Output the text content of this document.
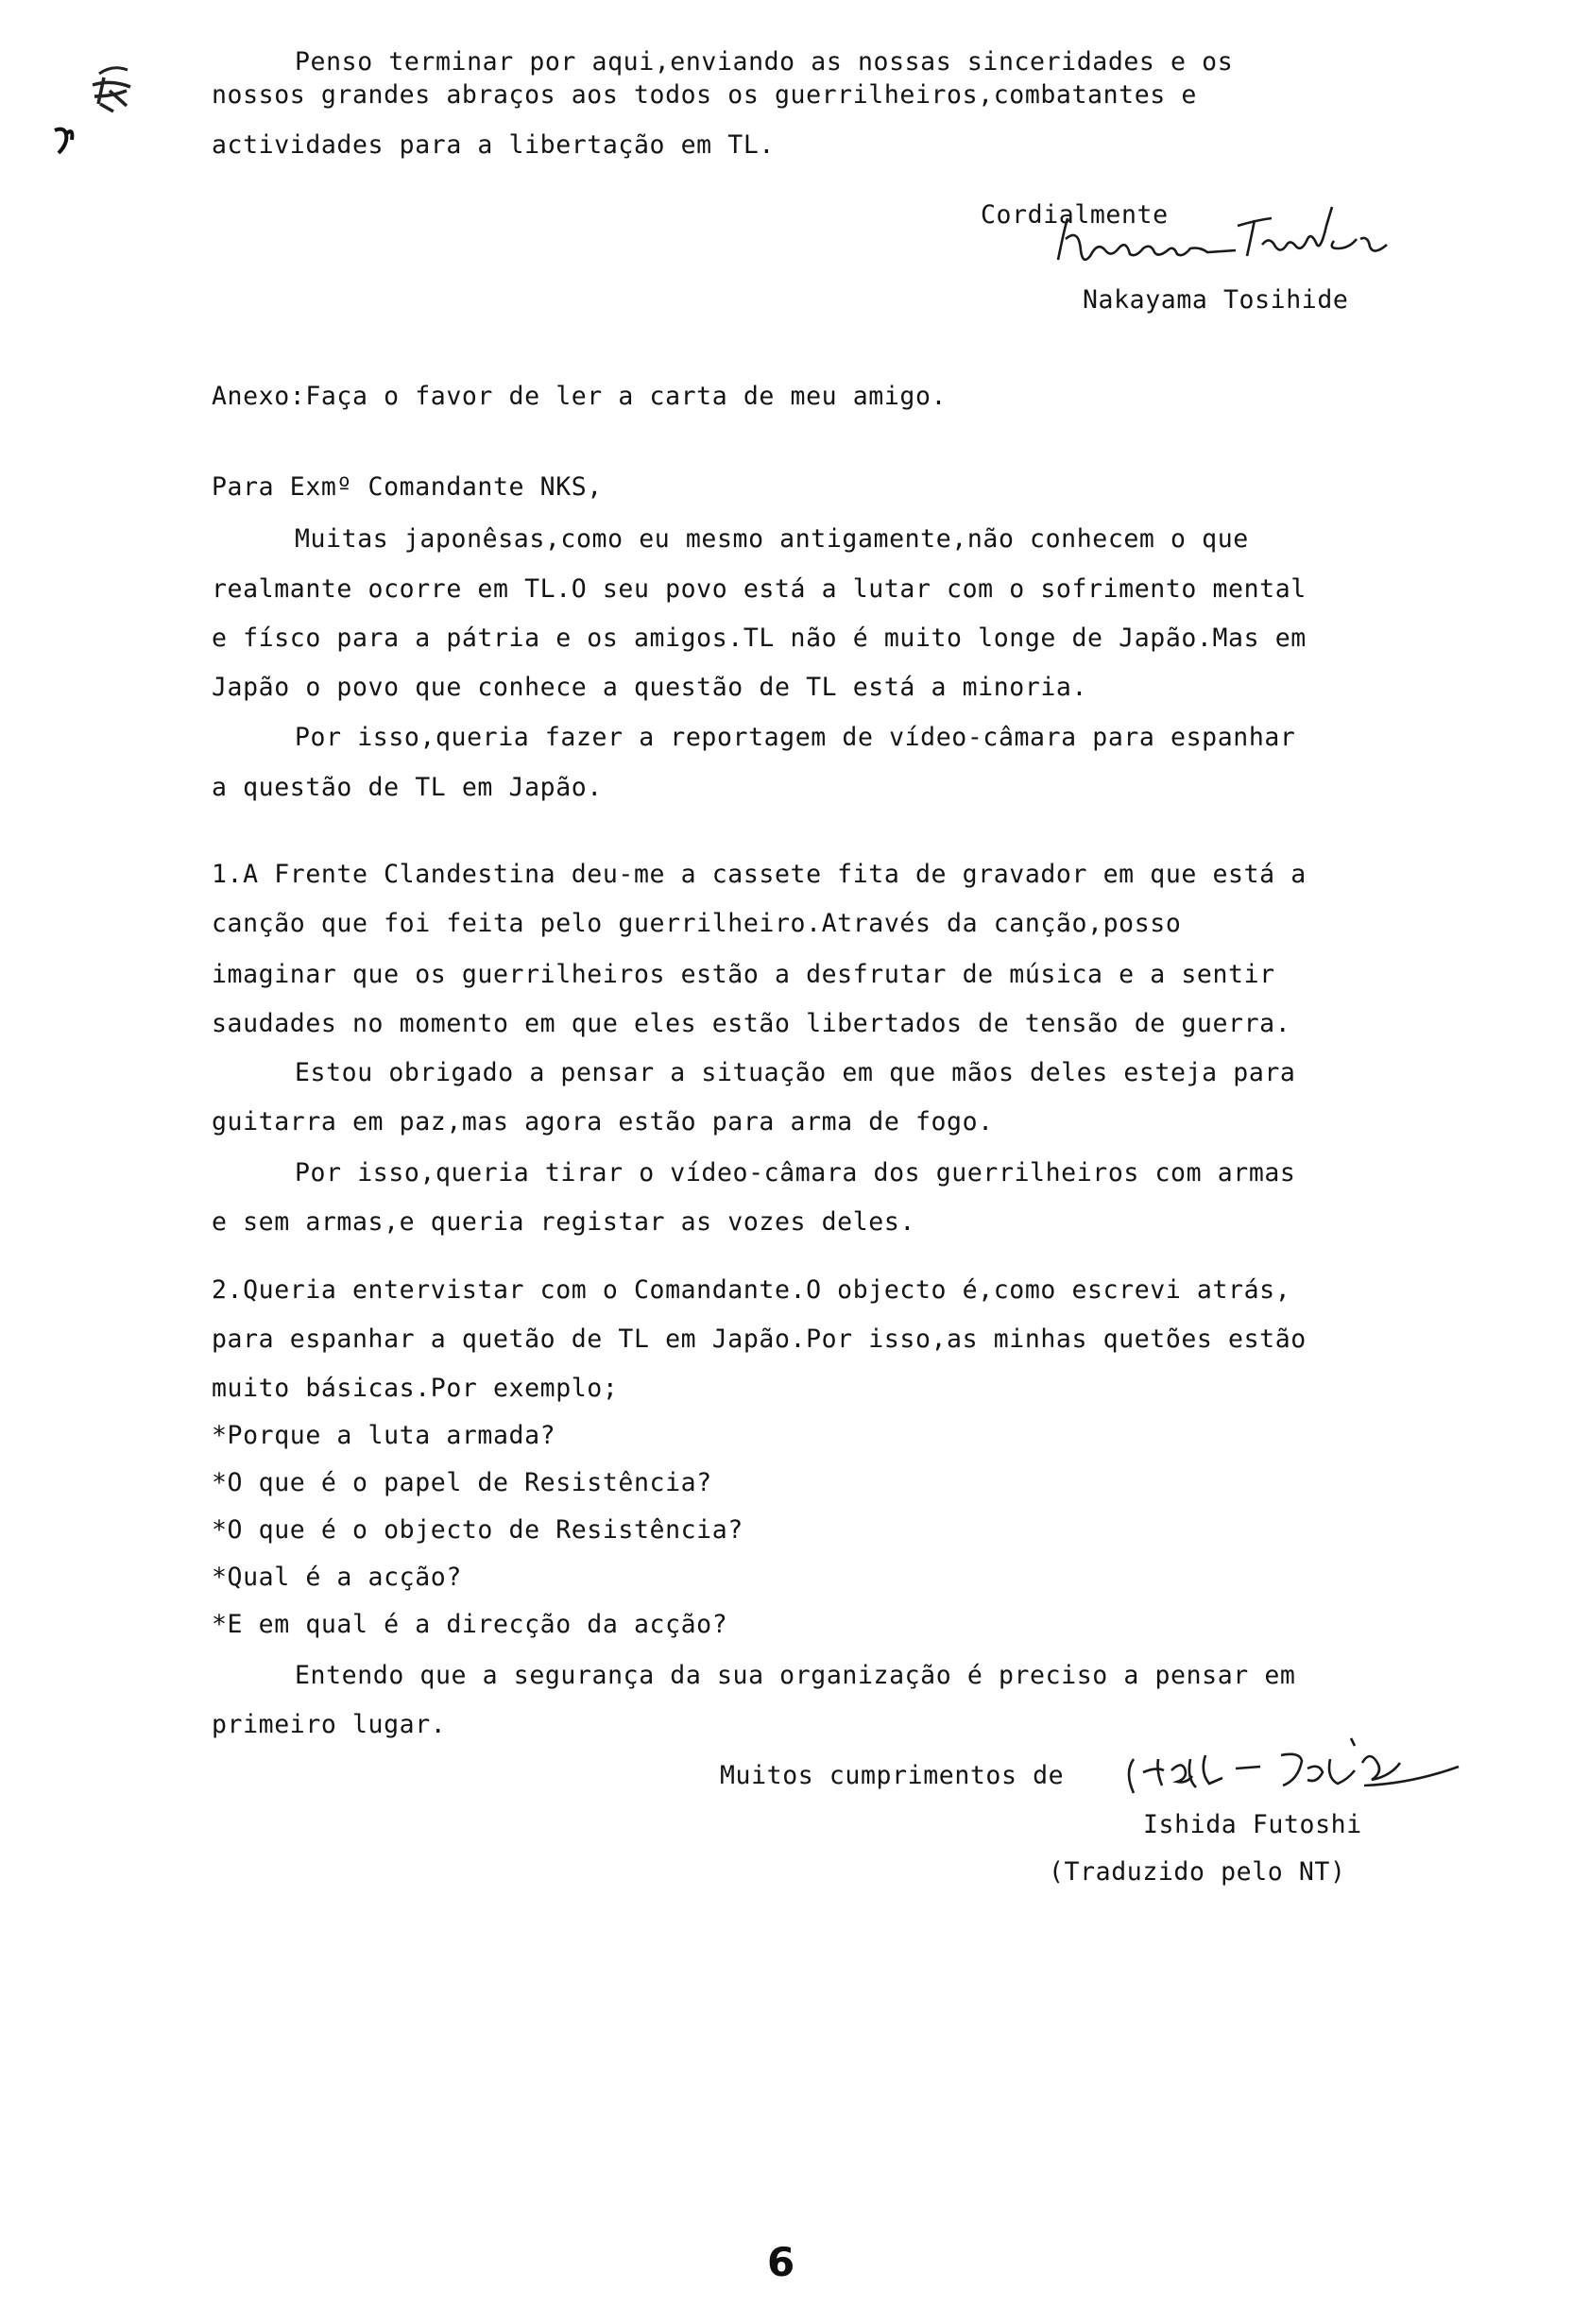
Penso terminar por aqui,enviando as nossas sinceridades e os
nossos grandes abraços aos todos os guerrilheiros,combatantes e
actividades para a libertação em TL.
Cordialmente
Nakayama Tosihide
Anexo:Faça o favor de ler a carta de meu amigo.
Para Exmº Comandante NKS,
Muitas japonêsas,como eu mesmo antigamente,não conhecem o que
realmante ocorre em TL.O seu povo está a lutar com o sofrimento mental
e físco para a pátria e os amigos.TL não é muito longe de Japão.Mas em
Japão o povo que conhece a questão de TL está a minoria.
Por isso,queria fazer a reportagem de vídeo-câmara para espanhar
a questão de TL em Japão.
1.A Frente Clandestina deu-me a cassete fita de gravador em que está a
canção que foi feita pelo guerrilheiro.Através da canção,posso
imaginar que os guerrilheiros estão a desfrutar de música e a sentir
saudades no momento em que eles estão libertados de tensão de guerra.
Estou obrigado a pensar a situação em que mãos deles esteja para
guitarra em paz,mas agora estão para arma de fogo.
Por isso,queria tirar o vídeo-câmara dos guerrilheiros com armas
e sem armas,e queria registar as vozes deles.
2.Queria entervistar com o Comandante.O objecto é,como escrevi atrás,
para espanhar a quetão de TL em Japão.Por isso,as minhas quetões estão
muito básicas.Por exemplo;
*Porque a luta armada?
*O que é o papel de Resistência?
*O que é o objecto de Resistência?
*Qual é a acção?
*E em qual é a direcção da acção?
Entendo que a segurança da sua organização é preciso a pensar em
primeiro lugar.
Muitos cumprimentos de
Ishida Futoshi
(Traduzido pelo NT)
6
